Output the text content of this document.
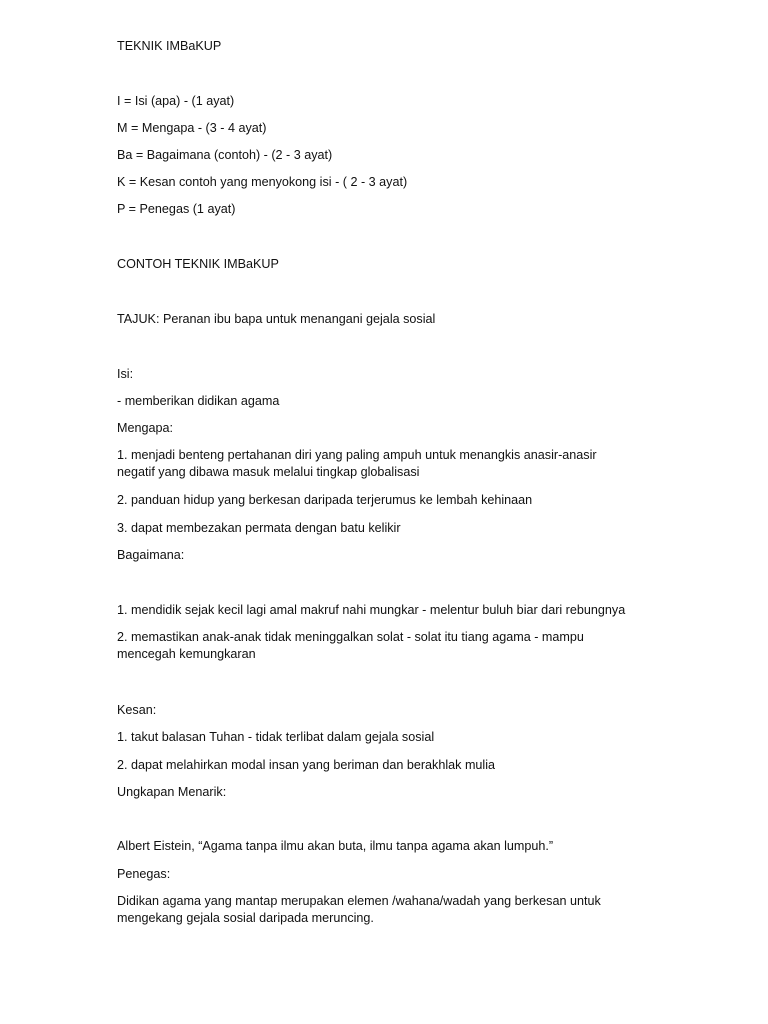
TEKNIK IMBaKUP
I = Isi (apa) - (1 ayat)
M = Mengapa - (3 - 4 ayat)
Ba = Bagaimana (contoh) - (2 - 3 ayat)
K = Kesan contoh yang menyokong isi - ( 2 - 3 ayat)
P = Penegas (1 ayat)
CONTOH TEKNIK IMBaKUP
TAJUK: Peranan ibu bapa untuk menangani gejala sosial
Isi:
- memberikan didikan agama
Mengapa:
1. menjadi benteng pertahanan diri yang paling ampuh untuk menangkis anasir-anasir negatif yang dibawa masuk melalui tingkap globalisasi
2. panduan hidup yang berkesan daripada terjerumus ke lembah kehinaan
3. dapat membezakan permata dengan batu kelikir
Bagaimana:
1. mendidik sejak kecil lagi amal makruf nahi mungkar - melentur buluh biar dari rebungnya
2. memastikan anak-anak tidak meninggalkan solat - solat itu tiang agama - mampu mencegah kemungkaran
Kesan:
1. takut balasan Tuhan - tidak terlibat dalam gejala sosial
2. dapat melahirkan modal insan yang beriman dan berakhlak mulia
Ungkapan Menarik:
Albert Eistein, “Agama tanpa ilmu akan buta, ilmu tanpa agama akan lumpuh.”
Penegas:
Didikan agama yang mantap merupakan elemen /wahana/wadah yang berkesan untuk mengekang gejala sosial daripada meruncing.
